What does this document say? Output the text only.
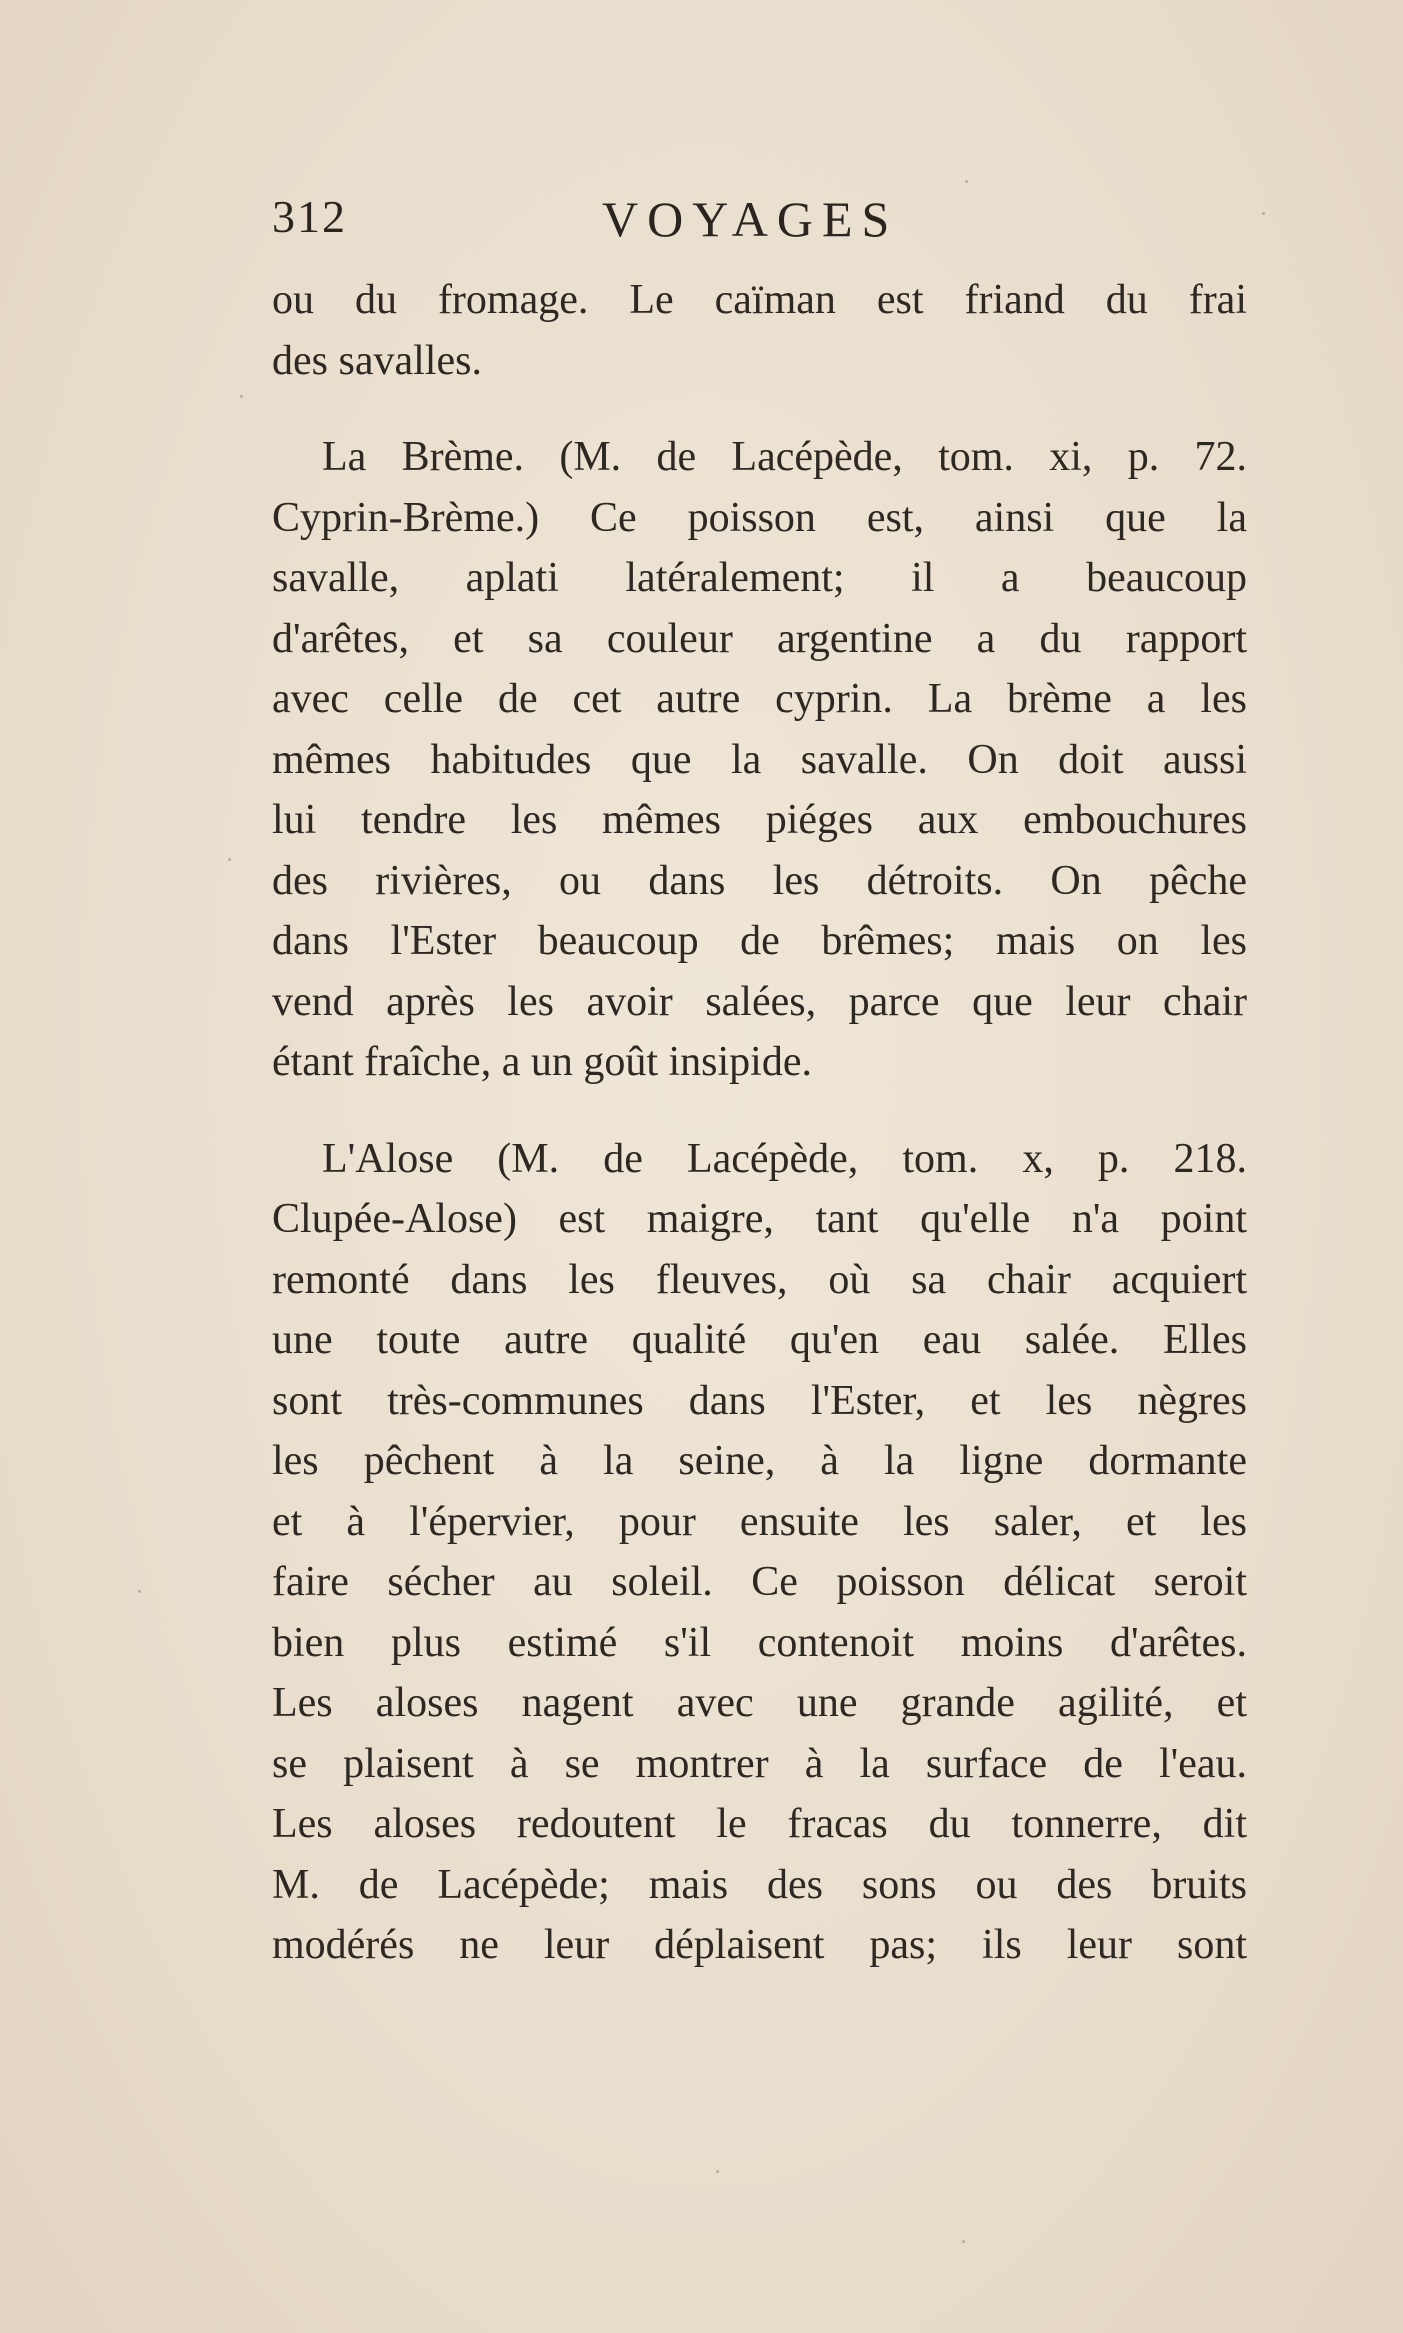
312	VOYAGES
ou du fromage. Le caïman est friand du frai
des savalles.
La Brème. (M. de Lacépède, tom. xi, p. 72.
Cyprin-Brème.) Ce poisson est, ainsi que la
savalle, aplati latéralement; il a beaucoup
d'arêtes, et sa couleur argentine a du rapport
avec celle de cet autre cyprin. La brème a les
mêmes habitudes que la savalle. On doit aussi
lui tendre les mêmes piéges aux embouchures
des rivières, ou dans les détroits. On pêche
dans l'Ester beaucoup de brêmes; mais on les
vend après les avoir salées, parce que leur chair
étant fraîche, a un goût insipide.
L'Alose (M. de Lacépède, tom. x, p. 218.
Clupée-Alose) est maigre, tant qu'elle n'a point
remonté dans les fleuves, où sa chair acquiert
une toute autre qualité qu'en eau salée. Elles
sont très-communes dans l'Ester, et les nègres
les pêchent à la seine, à la ligne dormante
et à l'épervier, pour ensuite les saler, et les
faire sécher au soleil. Ce poisson délicat seroit
bien plus estimé s'il contenoit moins d'arêtes.
Les aloses nagent avec une grande agilité, et
se plaisent à se montrer à la surface de l'eau.
Les aloses redoutent le fracas du tonnerre, dit
M. de Lacépède; mais des sons ou des bruits
modérés ne leur déplaisent pas; ils leur sont
